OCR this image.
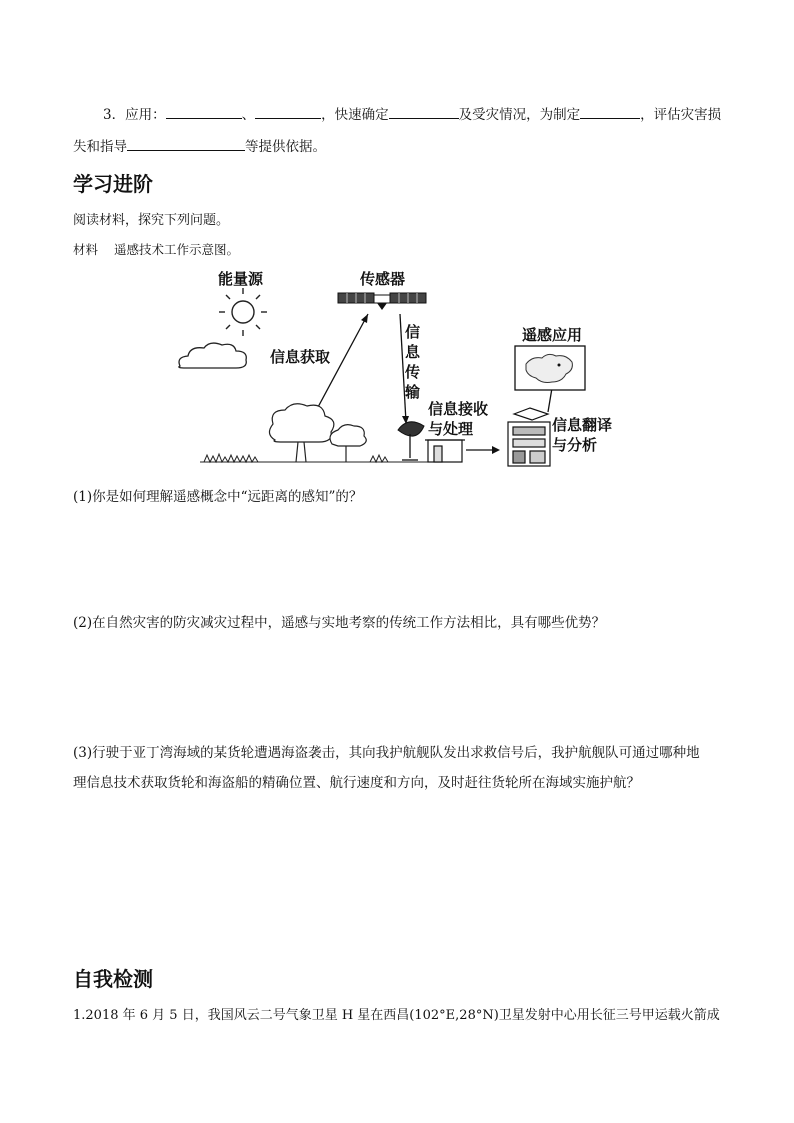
3．应用：	、	，快速确定	及受灾情况，为制定	，评估灾害损
失和指导	等提供依据。
学习进阶
阅读材料，探究下列问题。
材料 遥感技术工作示意图。
能量源	传感器
信息获取
信
息
传
输
信息接收
与处理	信息翻译
与分析
遥感应用
(1)你是如何理解遥感概念中“远距离的感知”的？
(2)在自然灾害的防灾减灾过程中，遥感与实地考察的传统工作方法相比，具有哪些优势？
(3)行驶于亚丁湾海域的某货轮遭遇海盗袭击，其向我护航舰队发出求救信号后，我护航舰队可通过哪种地
理信息技术获取货轮和海盗船的精确位置、航行速度和方向，及时赶往货轮所在海域实施护航？
自我检测
1.2018 年 6 月 5 日，我国风云二号气象卫星 H 星在西昌(102°E,28°N)卫星发射中心用长征三号甲运载火箭成
